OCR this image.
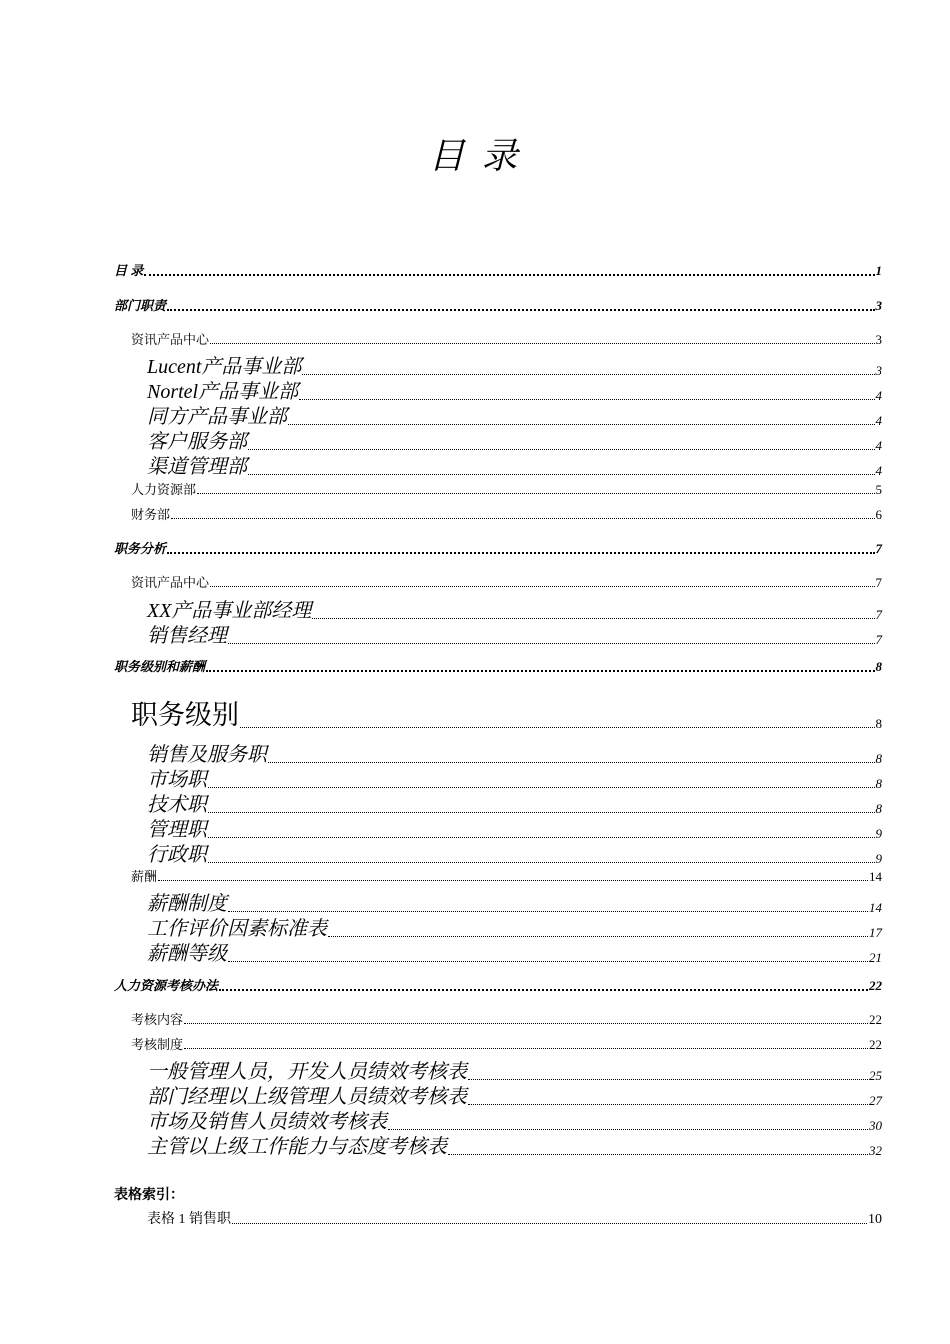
目 录
目 录	1
部门职责	3
资讯产品中心	3
Lucent产品事业部	3
Nortel产品事业部	4
同方产品事业部	4
客户服务部	4
渠道管理部	4
人力资源部	5
财务部	6
职务分析	7
资讯产品中心	7
XX产品事业部经理	7
销售经理	7
职务级别和薪酬	8
职务级别	8
销售及服务职	8
市场职	8
技术职	8
管理职	9
行政职	9
薪酬	14
薪酬制度	14
工作评价因素标准表	17
薪酬等级	21
人力资源考核办法	22
考核内容	22
考核制度	22
一般管理人员，开发人员绩效考核表	25
部门经理以上级管理人员绩效考核表	27
市场及销售人员绩效考核表	30
主管以上级工作能力与态度考核表	32
表格索引：
表格 1 销售职	10
